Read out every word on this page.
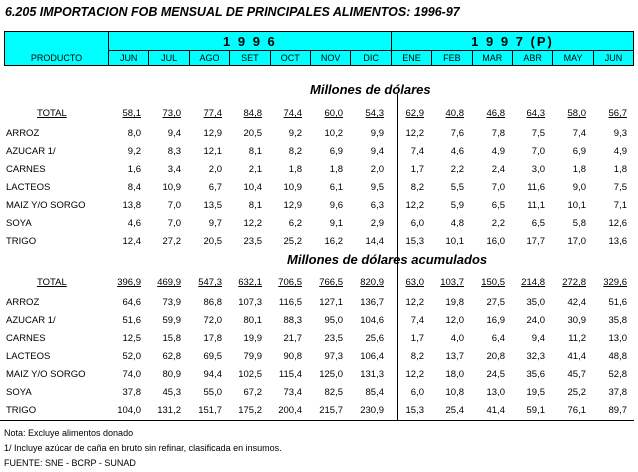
6.205 IMPORTACION FOB MENSUAL DE PRINCIPALES ALIMENTOS: 1996-97
PRODUCTO	1 9 9 6							1 9 9 7 (P)					
	JUN	JUL	AGO	SET	OCT	NOV	DIC	ENE	FEB	MAR	ABR	MAY	JUN
Millones de dólares
TOTAL	58,1	73,0	77,4	84,8	74,4	60,0	54,3	62,9	40,8	46,8	64,3	58,0	56,7
ARROZ	8,0	9,4	12,9	20,5	9,2	10,2	9,9	12,2	7,6	7,8	7,5	7,4	9,3
AZUCAR 1/	9,2	8,3	12,1	8,1	8,2	6,9	9,4	7,4	4,6	4,9	7,0	6,9	4,9
CARNES	1,6	3,4	2,0	2,1	1,8	1,8	2,0	1,7	2,2	2,4	3,0	1,8	1,8
LACTEOS	8,4	10,9	6,7	10,4	10,9	6,1	9,5	8,2	5,5	7,0	11,6	9,0	7,5
MAIZ Y/O SORGO	13,8	7,0	13,5	8,1	12,9	9,6	6,3	12,2	5,9	6,5	11,1	10,1	7,1
SOYA	4,6	7,0	9,7	12,2	6,2	9,1	2,9	6,0	4,8	2,2	6,5	5,8	12,6
TRIGO	12,4	27,2	20,5	23,5	25,2	16,2	14,4	15,3	10,1	16,0	17,7	17,0	13,6
Millones de dólares acumulados
TOTAL	396,9	469,9	547,3	632,1	706,5	766,5	820,9	63,0	103,7	150,5	214,8	272,8	329,6
ARROZ	64,6	73,9	86,8	107,3	116,5	127,1	136,7	12,2	19,8	27,5	35,0	42,4	51,6
AZUCAR 1/	51,6	59,9	72,0	80,1	88,3	95,0	104,6	7,4	12,0	16,9	24,0	30,9	35,8
CARNES	12,5	15,8	17,8	19,9	21,7	23,5	25,6	1,7	4,0	6,4	9,4	11,2	13,0
LACTEOS	52,0	62,8	69,5	79,9	90,8	97,3	106,4	8,2	13,7	20,8	32,3	41,4	48,8
MAIZ Y/O SORGO	74,0	80,9	94,4	102,5	115,4	125,0	131,3	12,2	18,0	24,5	35,6	45,7	52,8
SOYA	37,8	45,3	55,0	67,2	73,4	82,5	85,4	6,0	10,8	13,0	19,5	25,2	37,8
TRIGO	104,0	131,2	151,7	175,2	200,4	215,7	230,9	15,3	25,4	41,4	59,1	76,1	89,7
Nota: Excluye alimentos donado
1/ Incluye azúcar de caña en bruto sin refinar, clasificada en insumos.
FUENTE: SNE - BCRP - SUNAD
